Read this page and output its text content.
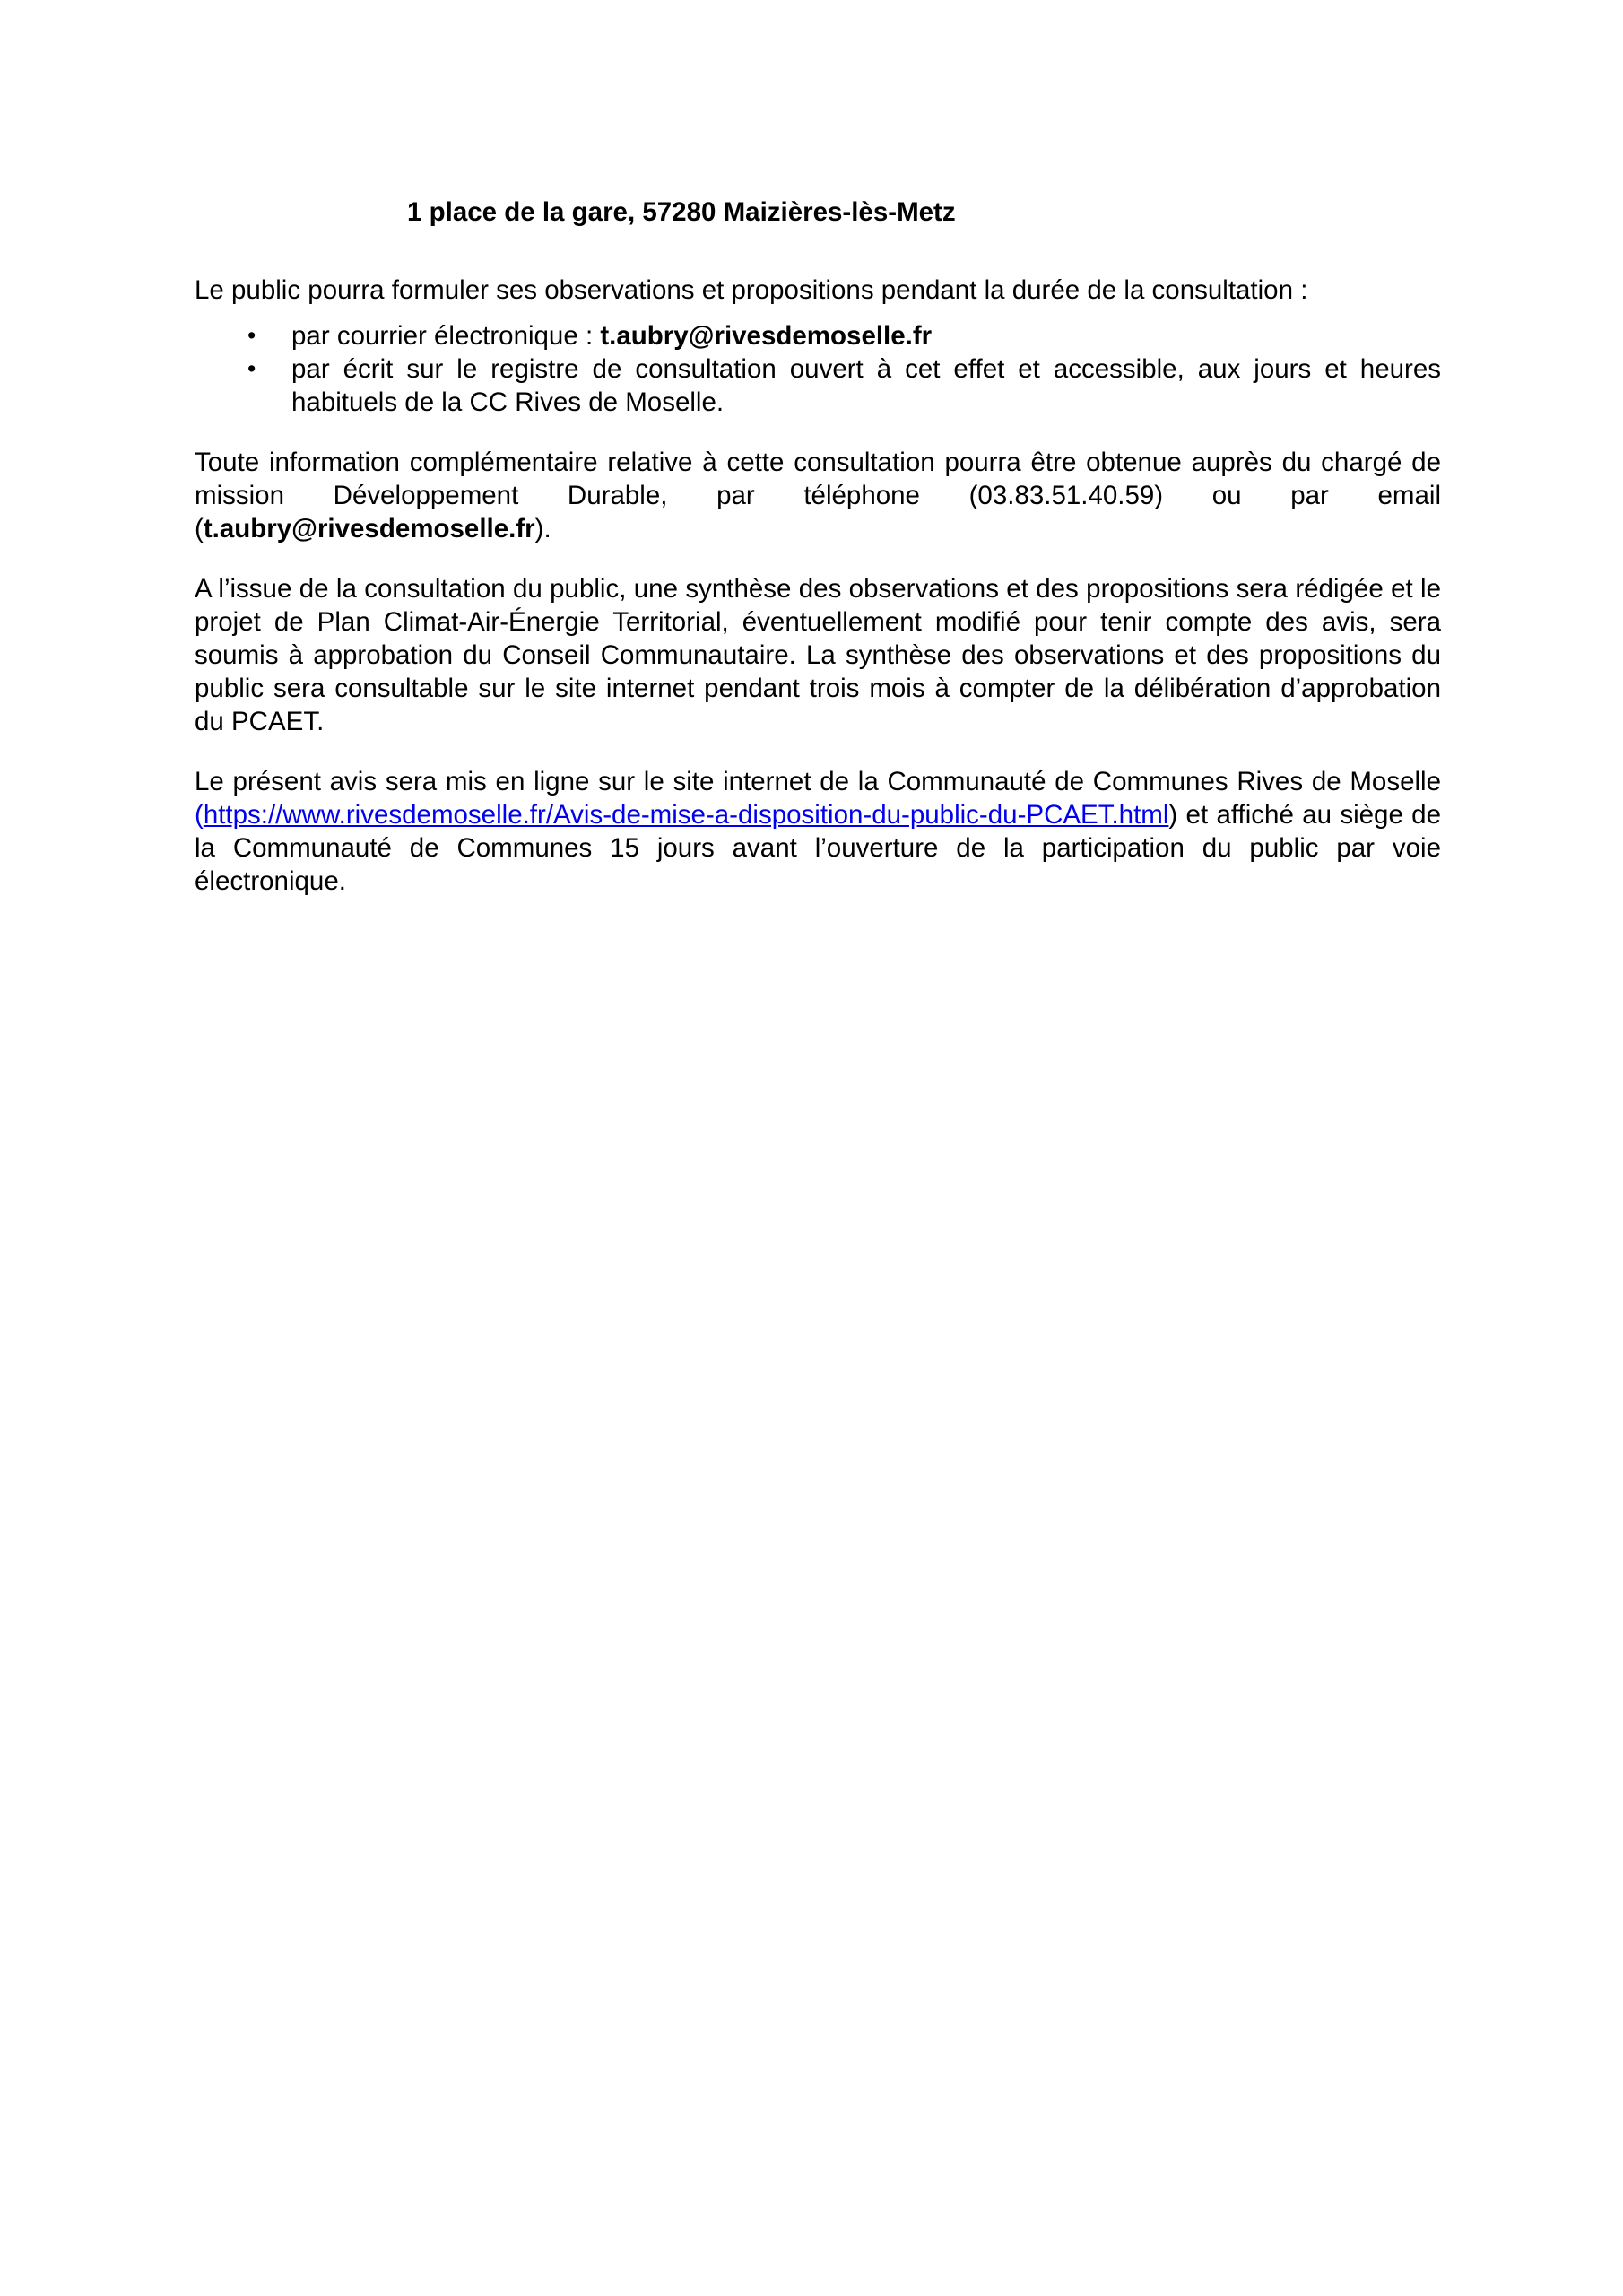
1 place de la gare, 57280 Maizières-lès-Metz

Le public pourra formuler ses observations et propositions pendant la durée de la consultation :

• par courrier électronique : t.aubry@rivesdemoselle.fr
• par écrit sur le registre de consultation ouvert à cet effet et accessible, aux jours et heures habituels de la CC Rives de Moselle.

Toute information complémentaire relative à cette consultation pourra être obtenue auprès du chargé de mission Développement Durable, par téléphone (03.83.51.40.59) ou par email (t.aubry@rivesdemoselle.fr).

A l’issue de la consultation du public, une synthèse des observations et des propositions sera rédigée et le projet de Plan Climat-Air-Énergie Territorial, éventuellement modifié pour tenir compte des avis, sera soumis à approbation du Conseil Communautaire. La synthèse des observations et des propositions du public sera consultable sur le site internet pendant trois mois à compter de la délibération d’approbation du PCAET.

Le présent avis sera mis en ligne sur le site internet de la Communauté de Communes Rives de Moselle (https://www.rivesdemoselle.fr/Avis-de-mise-a-disposition-du-public-du-PCAET.html) et affiché au siège de la Communauté de Communes 15 jours avant l’ouverture de la participation du public par voie électronique.
